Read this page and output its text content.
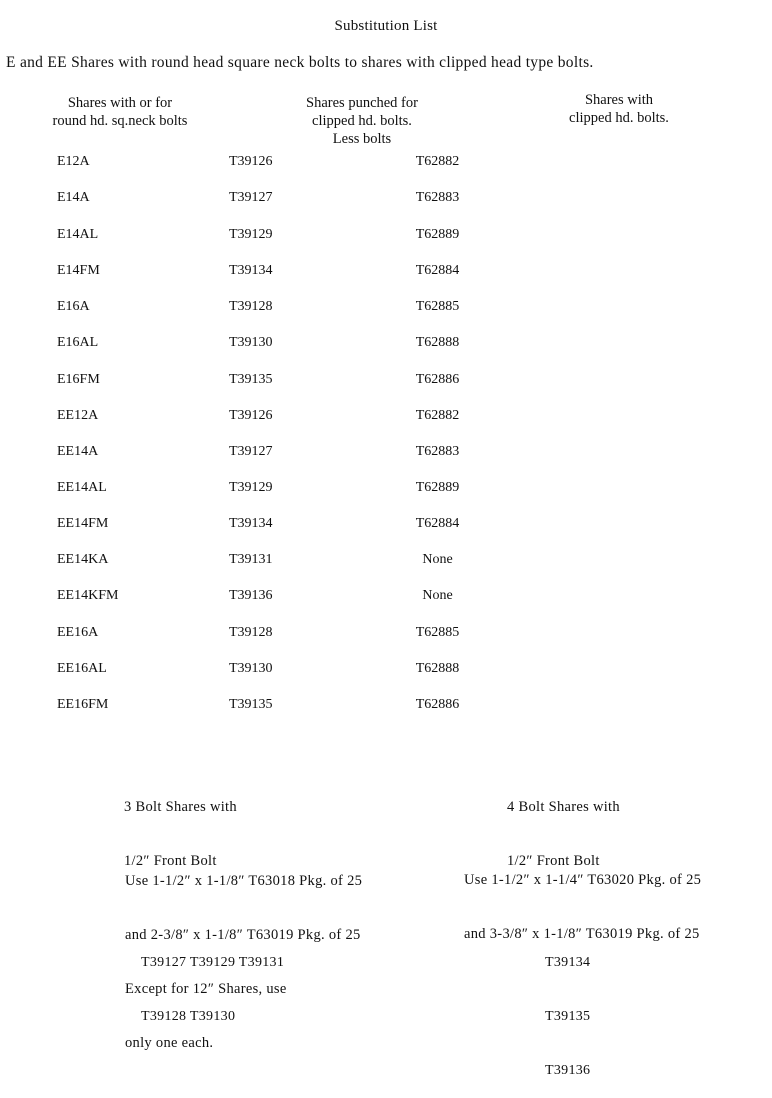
Substitution List
E and EE Shares with round head square neck bolts to shares with clipped head type bolts.
Shares with or for
round hd. sq.neck bolts
Shares punched for
clipped hd. bolts.
Less bolts
Shares with
clipped hd. bolts.
E12A	T39126	T62882
E14A	T39127	T62883
E14AL	T39129	T62889
E14FM	T39134	T62884
E16A	T39128	T62885
E16AL	T39130	T62888
E16FM	T39135	T62886
EE12A	T39126	T62882
EE14A	T39127	T62883
EE14AL	T39129	T62889
EE14FM	T39134	T62884
EE14KA	T39131	None
EE14KFM	T39136	None
EE16A	T39128	T62885
EE16AL	T39130	T62888
EE16FM	T39135	T62886

3 Bolt Shares with

1/2″ Front Bolt

Use 1-1/2″ x 1-1/8″ T63018 Pkg. of 25

and 2-3/8″ x 1-1/8″ T63019 Pkg. of 25

Except for 12″ Shares, use

only one each.

T39127 T39129 T39131

T39128 T39130

4 Bolt Shares with

1/2″ Front Bolt

Use 1-1/2″ x 1-1/4″ T63020 Pkg. of 25

and 3-3/8″ x 1-1/8″ T63019 Pkg. of 25

T39134

T39135

T39136
